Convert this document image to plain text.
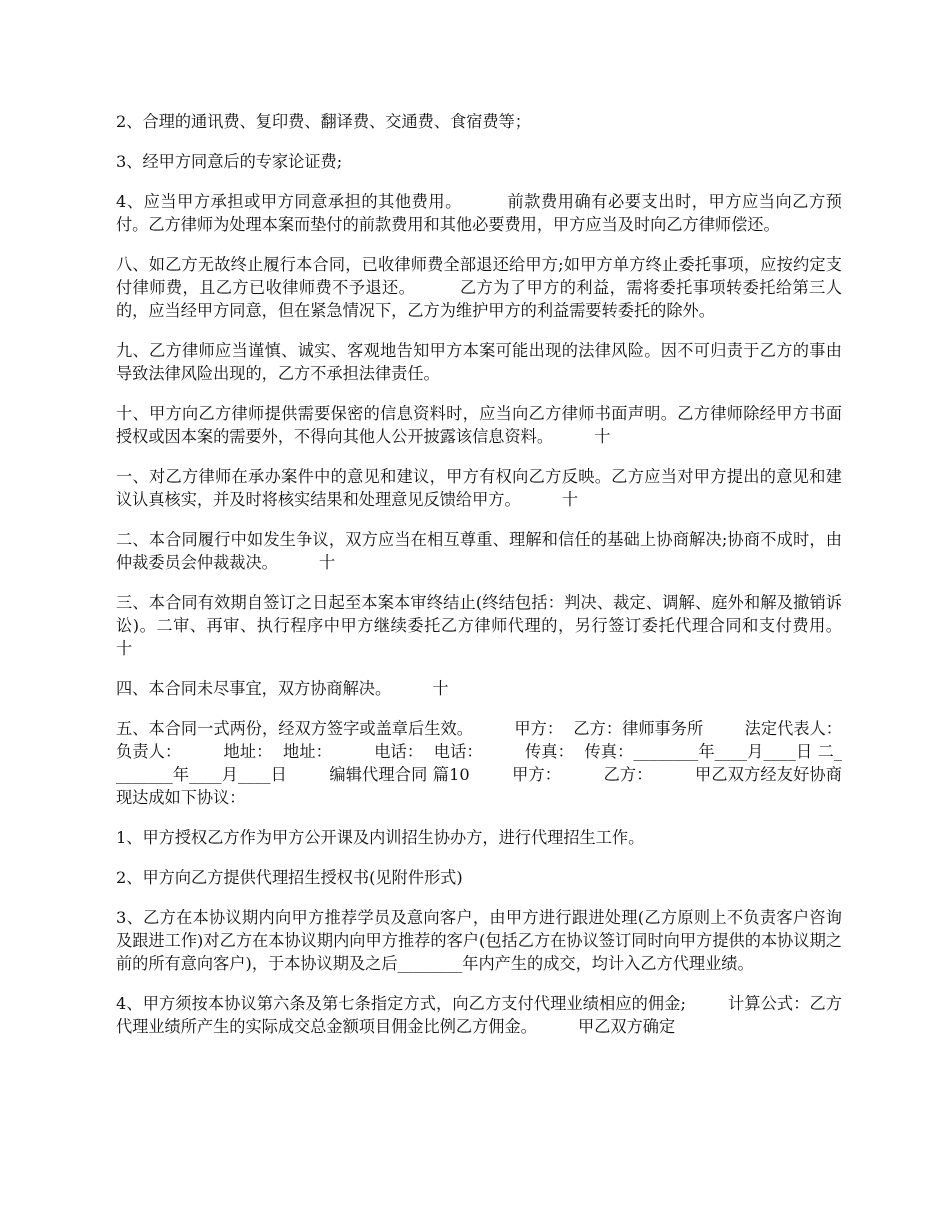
2、合理的通讯费、复印费、翻译费、交通费、食宿费等；

3、经甲方同意后的专家论证费;

4、应当甲方承担或甲方同意承担的其他费用。        前款费用确有必要支出时，甲方应当向乙方预付。乙方律师为处理本案而垫付的前款费用和其他必要费用，甲方应当及时向乙方律师偿还。

八、如乙方无故终止履行本合同，已收律师费全部退还给甲方;如甲方单方终止委托事项，应按约定支付律师费，且乙方已收律师费不予退还。        乙方为了甲方的利益，需将委托事项转委托给第三人的，应当经甲方同意，但在紧急情况下，乙方为维护甲方的利益需要转委托的除外。

九、乙方律师应当谨慎、诚实、客观地告知甲方本案可能出现的法律风险。因不可归责于乙方的事由导致法律风险出现的，乙方不承担法律责任。

十、甲方向乙方律师提供需要保密的信息资料时，应当向乙方律师书面声明。乙方律师除经甲方书面授权或因本案的需要外，不得向其他人公开披露该信息资料。        十

一、对乙方律师在承办案件中的意见和建议，甲方有权向乙方反映。乙方应当对甲方提出的意见和建议认真核实，并及时将核实结果和处理意见反馈给甲方。        十

二、本合同履行中如发生争议，双方应当在相互尊重、理解和信任的基础上协商解决;协商不成时，由仲裁委员会仲裁裁决。        十

三、本合同有效期自签订之日起至本案本审终结止(终结包括：判决、裁定、调解、庭外和解及撤销诉讼)。二审、再审、执行程序中甲方继续委托乙方律师代理的，另行签订委托代理合同和支付费用。        十

四、本合同未尽事宜，双方协商解决。        十

五、本合同一式两份，经双方签字或盖章后生效。        甲方：  乙方：律师事务所        法定代表人：  负责人：        地址：  地址：        电话：  电话：        传真：  传真：________年____月____日 二________年____月____日        编辑代理合同 篇10        甲方：        乙方：        甲乙双方经友好协商现达成如下协议：

1、甲方授权乙方作为甲方公开课及内训招生协办方，进行代理招生工作。

2、甲方向乙方提供代理招生授权书(见附件形式)

3、乙方在本协议期内向甲方推荐学员及意向客户，由甲方进行跟进处理(乙方原则上不负责客户咨询及跟进工作)对乙方在本协议期内向甲方推荐的客户(包括乙方在协议签订同时向甲方提供的本协议期之前的所有意向客户)，于本协议期及之后________年内产生的成交，均计入乙方代理业绩。

4、甲方须按本协议第六条及第七条指定方式，向乙方支付代理业绩相应的佣金;        计算公式：乙方代理业绩所产生的实际成交总金额项目佣金比例乙方佣金。        甲乙双方确定
